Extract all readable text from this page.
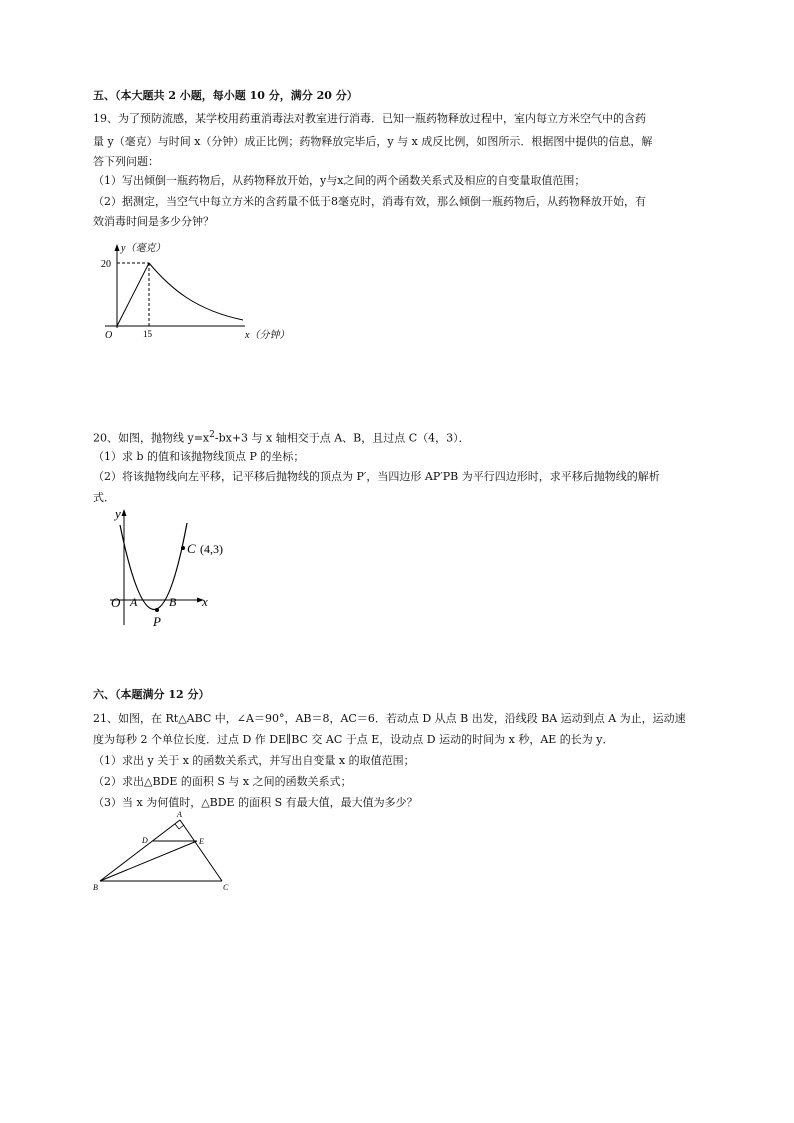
五、（本大题共 2 小题，每小题 10 分，满分 20 分）
19、为了预防流感，某学校用药重消毒法对教室进行消毒．已知一瓶药物释放过程中，室内每立方米空气中的含药
量 y（毫克）与时间 x（分钟）成正比例；药物释放完毕后，y 与 x 成反比例，如图所示．根据图中提供的信息，解
答下列问题：
（1）写出倾倒一瓶药物后，从药物释放开始，y与x之间的两个函数关系式及相应的自变量取值范围；
（2）据测定，当空气中每立方米的含药量不低于8毫克时，消毒有效，那么倾倒一瓶药物后，从药物释放开始，有
效消毒时间是多少分钟？
y（毫克）
20
15
O	x（分钟）
20、如图，抛物线 $y=x^2-bx+3$ 与 x 轴相交于点 A、B，且过点 C（4，3）．
（1）求 b 的值和该抛物线顶点 P 的坐标；
（2）将该抛物线向左平移，记平移后抛物线的顶点为 P′，当四边形 AP′PB 为平行四边形时，求平移后抛物线的解析
式．
y
x
O A	B
C (4,3)
P
六、（本题满分 12 分）
21、如图，在 Rt△ABC 中，∠A＝90°，AB＝8，AC＝6．若动点 D 从点 B 出发，沿线段 BA 运动到点 A 为止，运动速
度为每秒 2 个单位长度．过点 D 作 DE∥BC 交 AC 于点 E，设动点 D 运动的时间为 x 秒，AE 的长为 y．
（1）求出 y 关于 x 的函数关系式，并写出自变量 x 的取值范围；
（2）求出△BDE 的面积 S 与 x 之间的函数关系式；
（3）当 x 为何值时，△BDE 的面积 S 有最大值，最大值为多少？
A
B	C
D	E
